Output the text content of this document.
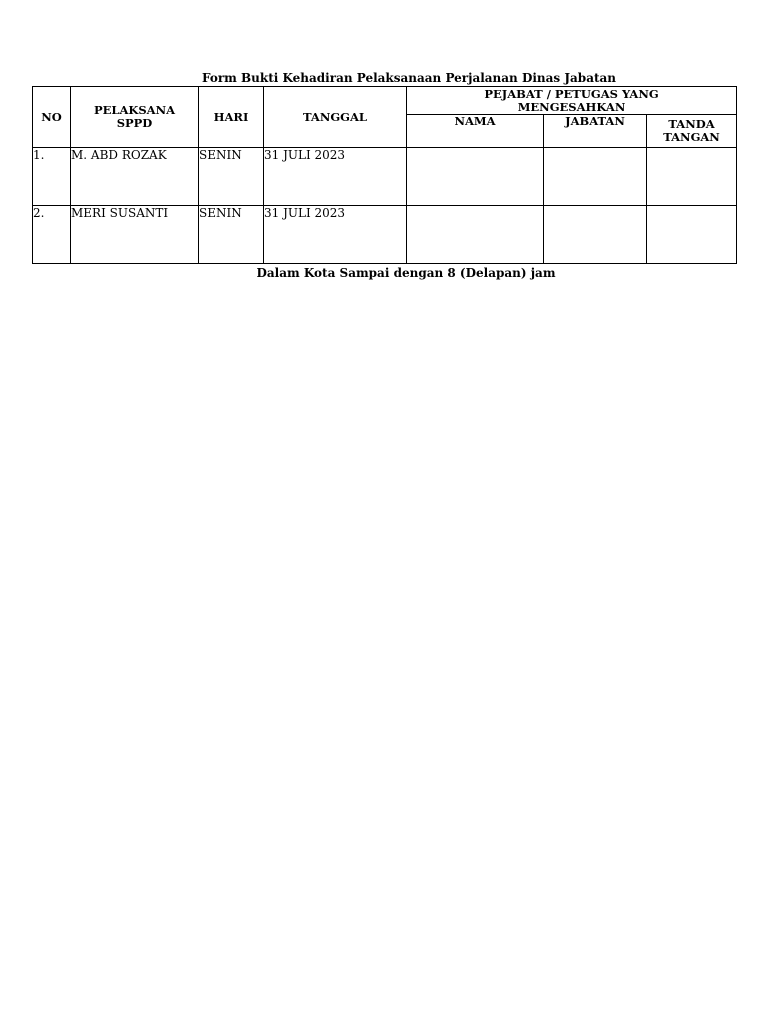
Form Bukti Kehadiran Pelaksanaan Perjalanan Dinas Jabatan
NO	PELAKSANA SPPD	HARI	TANGGAL	PEJABAT / PETUGAS YANG MENGESAHKAN		
				NAMA	JABATAN	TANDA TANGAN
1.	M. ABD ROZAK	SENIN	31 JULI 2023			
2.	MERI SUSANTI	SENIN	31 JULI 2023			
Dalam Kota Sampai dengan 8 (Delapan) jam
